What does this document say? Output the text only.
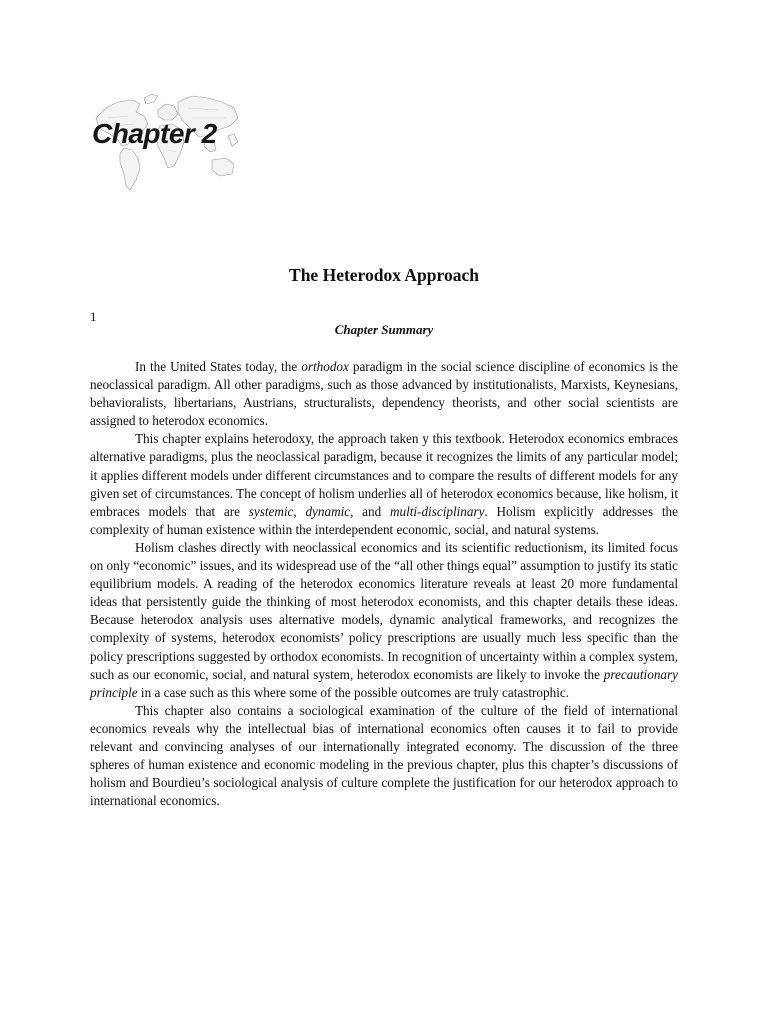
Chapter 2
The Heterodox Approach
1
Chapter Summary

In the United States today, the orthodox paradigm in the social science discipline of economics is the neoclassical paradigm. All other paradigms, such as those advanced by institutionalists, Marxists, Keynesians, behavioralists, libertarians, Austrians, structuralists, dependency theorists, and other social scientists are assigned to heterodox economics.

This chapter explains heterodoxy, the approach taken y this textbook. Heterodox economics embraces alternative paradigms, plus the neoclassical paradigm, because it recognizes the limits of any particular model; it applies different models under different circumstances and to compare the results of different models for any given set of circumstances. The concept of holism underlies all of heterodox economics because, like holism, it embraces models that are systemic, dynamic, and multi-disciplinary. Holism explicitly addresses the complexity of human existence within the interdependent economic, social, and natural systems.

Holism clashes directly with neoclassical economics and its scientific reductionism, its limited focus on only “economic” issues, and its widespread use of the “all other things equal” assumption to justify its static equilibrium models. A reading of the heterodox economics literature reveals at least 20 more fundamental ideas that persistently guide the thinking of most heterodox economists, and this chapter details these ideas. Because heterodox analysis uses alternative models, dynamic analytical frameworks, and recognizes the complexity of systems, heterodox economists’ policy prescriptions are usually much less specific than the policy prescriptions suggested by orthodox economists. In recognition of uncertainty within a complex system, such as our economic, social, and natural system, heterodox economists are likely to invoke the precautionary principle in a case such as this where some of the possible outcomes are truly catastrophic.

This chapter also contains a sociological examination of the culture of the field of international economics reveals why the intellectual bias of international economics often causes it to fail to provide relevant and convincing analyses of our internationally integrated economy. The discussion of the three spheres of human existence and economic modeling in the previous chapter, plus this chapter’s discussions of holism and Bourdieu’s sociological analysis of culture complete the justification for our heterodox approach to international economics.
